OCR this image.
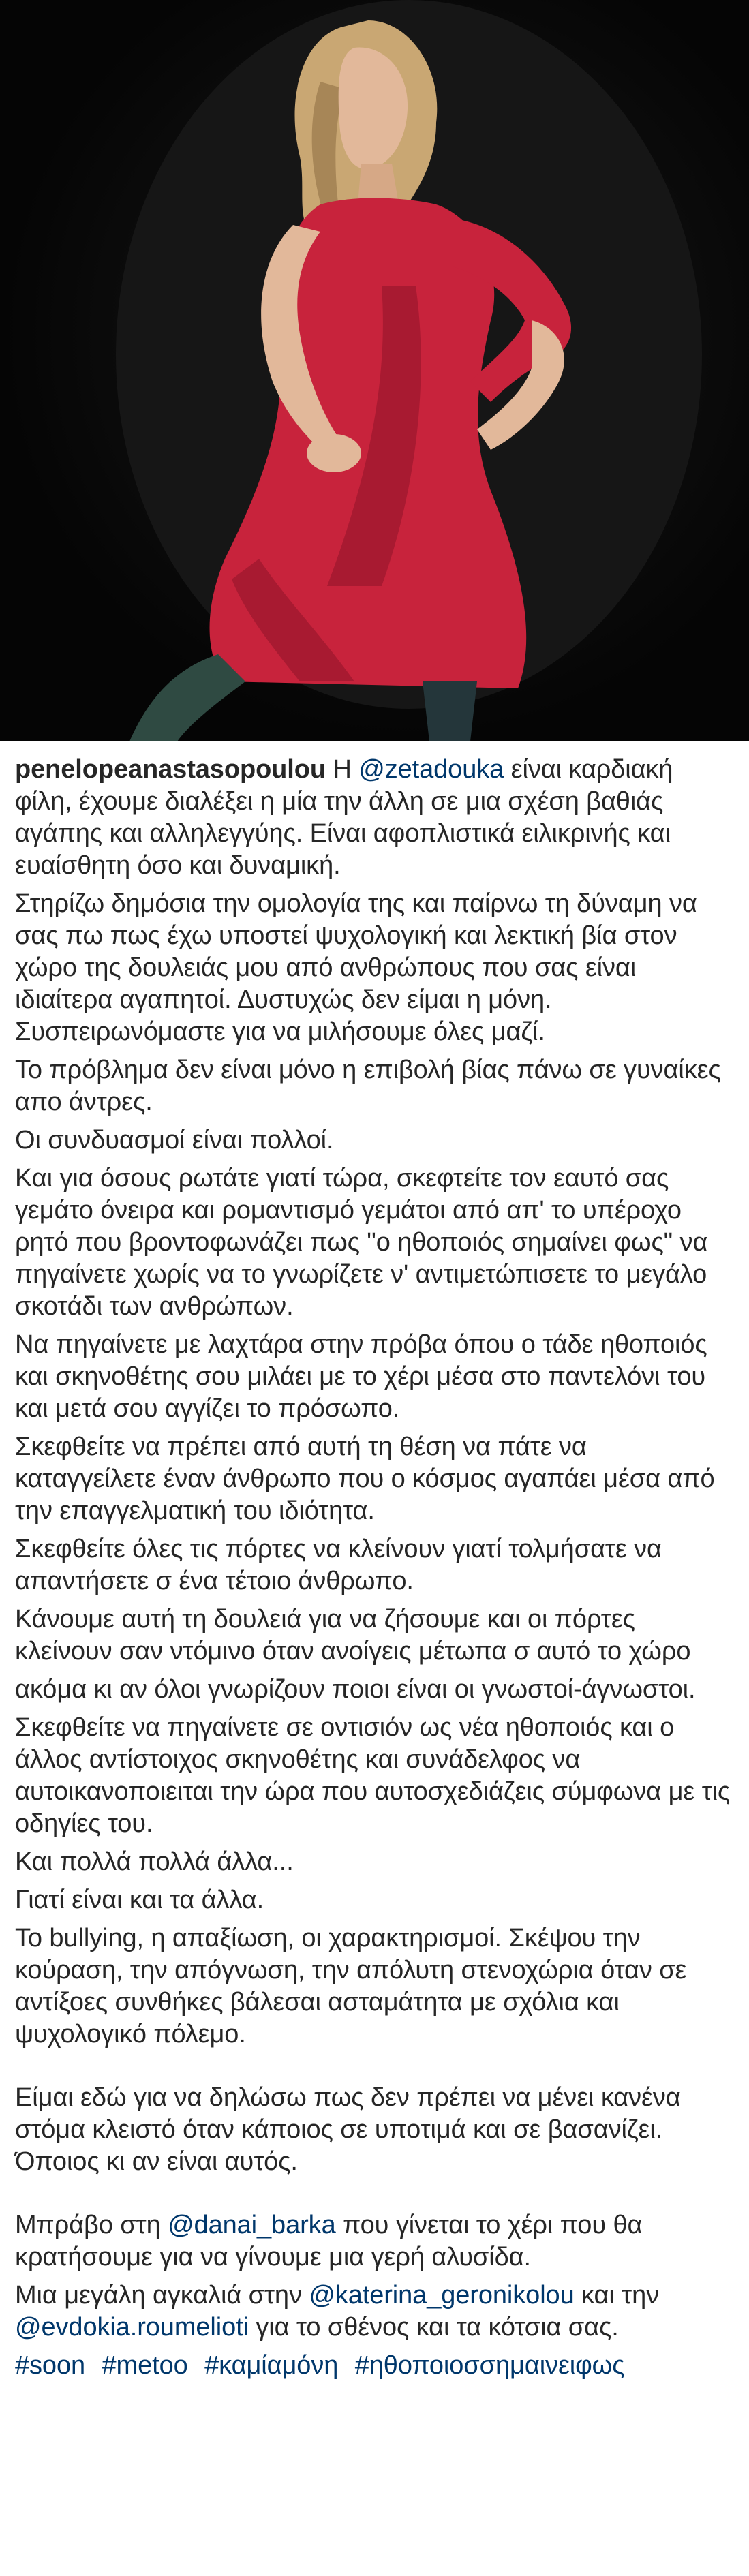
penelopeanastasopoulou Η @zetadouka είναι καρδιακή φίλη, έχουμε διαλέξει η μία την άλλη σε μια σχέση βαθιάς αγάπης και αλληλεγγύης. Είναι αφοπλιστικά ειλικρινής και ευαίσθητη όσο και δυναμική.

Στηρίζω δημόσια την ομολογία της και παίρνω τη δύναμη να σας πω πως έχω υποστεί ψυχολογική και λεκτική βία στον χώρο της δουλειάς μου από ανθρώπους που σας είναι ιδιαίτερα αγαπητοί. Δυστυχώς δεν είμαι η μόνη. Συσπειρωνόμαστε για να μιλήσουμε όλες μαζί.

Το πρόβλημα δεν είναι μόνο η επιβολή βίας πάνω σε γυναίκες απο άντρες.

Οι συνδυασμοί είναι πολλοί.

Και για όσους ρωτάτε γιατί τώρα, σκεφτείτε τον εαυτό σας γεμάτο όνειρα και ρομαντισμό γεμάτοι από απ' το υπέροχο ρητό που βροντοφωνάζει πως "ο ηθοποιός σημαίνει φως" να πηγαίνετε χωρίς να το γνωρίζετε ν' αντιμετώπισετε το μεγάλο σκοτάδι των ανθρώπων.

Να πηγαίνετε με λαχτάρα στην πρόβα όπου ο τάδε ηθοποιός και σκηνοθέτης σου μιλάει με το χέρι μέσα στο παντελόνι του και μετά σου αγγίζει το πρόσωπο.

Σκεφθείτε να πρέπει από αυτή τη θέση να πάτε να καταγγείλετε έναν άνθρωπο που ο κόσμος αγαπάει μέσα από την επαγγελματική του ιδιότητα.

Σκεφθείτε όλες τις πόρτες να κλείνουν γιατί τολμήσατε να απαντήσετε σ ένα τέτοιο άνθρωπο.

Κάνουμε αυτή τη δουλειά για να ζήσουμε και οι πόρτες κλείνουν σαν ντόμινο όταν ανοίγεις μέτωπα σ αυτό το χώρο

ακόμα κι αν όλοι γνωρίζουν ποιοι είναι οι γνωστοί-άγνωστοι.

Σκεφθείτε να πηγαίνετε σε οντισιόν ως νέα ηθοποιός και ο άλλος αντίστοιχος σκηνοθέτης και συνάδελφος να αυτοικανοποιειται την ώρα που αυτοσχεδιάζεις σύμφωνα με τις οδηγίες του.

Και πολλά πολλά άλλα...

Γιατί είναι και τα άλλα.

Το bullying, η απαξίωση, οι χαρακτηρισμοί. Σκέψου την κούραση, την απόγνωση, την απόλυτη στενοχώρια όταν σε αντίξοες συνθήκες βάλεσαι ασταμάτητα με σχόλια και ψυχολογικό πόλεμο.

Είμαι εδώ για να δηλώσω πως δεν πρέπει να μένει κανένα στόμα κλειστό όταν κάποιος σε υποτιμά και σε βασανίζει. Όποιος κι αν είναι αυτός.

Μπράβο στη @danai_barka που γίνεται το χέρι που θα κρατήσουμε για να γίνουμε μια γερή αλυσίδα.

Μια μεγάλη αγκαλιά στην @katerina_geronikolou και την @evdokia.roumelioti για το σθένος και τα κότσια σας.

#soon #metoo #καμίαμόνη #ηθοποιοσσημαινειφως
